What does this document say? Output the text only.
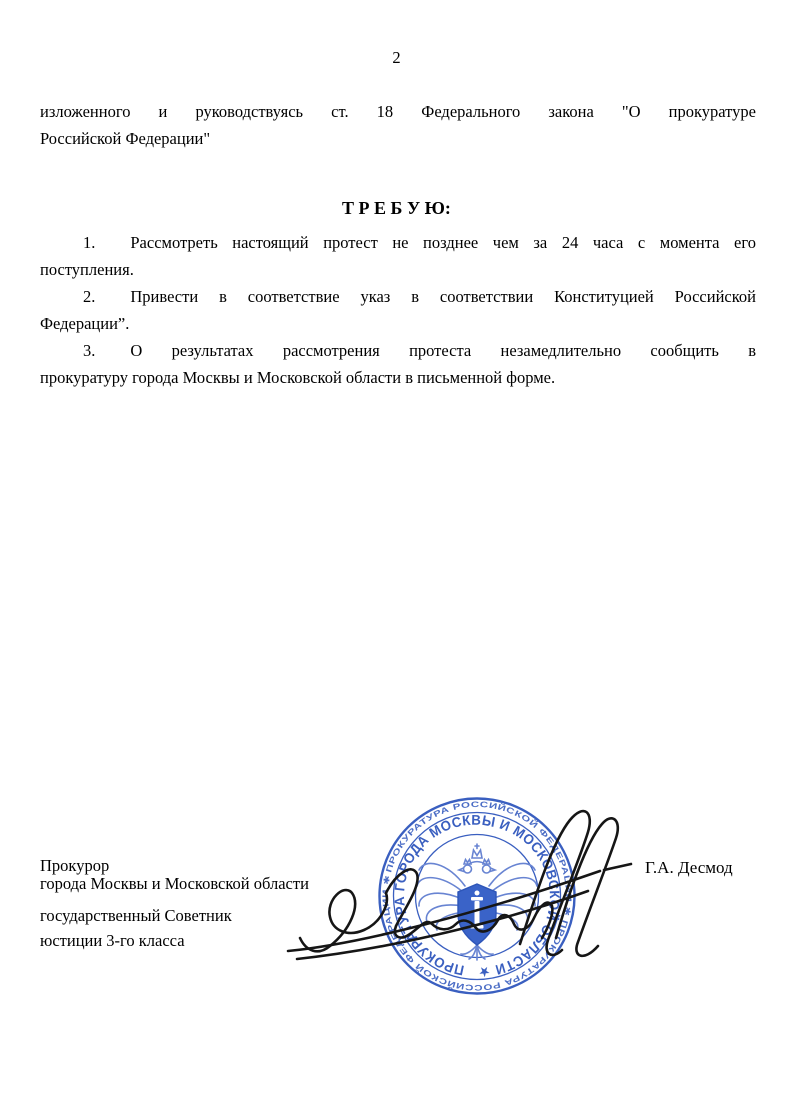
2
изложенного и руководствуясь ст. 18 Федерального закона "О прокуратуре
Российской Федерации"
Т Р Е Б У Ю:
1. Рассмотреть настоящий протест не позднее чем за 24 часа с момента его
поступления.
2. Привести в соответствие указ в соответствии Конституцией Российской
Федерации”.
3. О результатах рассмотрения протеста незамедлительно сообщить в
прокуратуру города Москвы и Московской области в письменной форме.
Прокурор
города Москвы и Московской области
государственный Советник
юстиции 3-го класса
Г.А. Десмод
ПРОКУРАТУРА РОССИЙСКОЙ ФЕДЕРАЦИИ ✱ ПРОКУРАТУРА РОССИЙСКОЙ ФЕДЕРАЦИИ ✱
ПРОКУРАТУРА ГОРОДА МОСКВЫ И МОСКОВСКОЙ ОБЛАСТИ ★
